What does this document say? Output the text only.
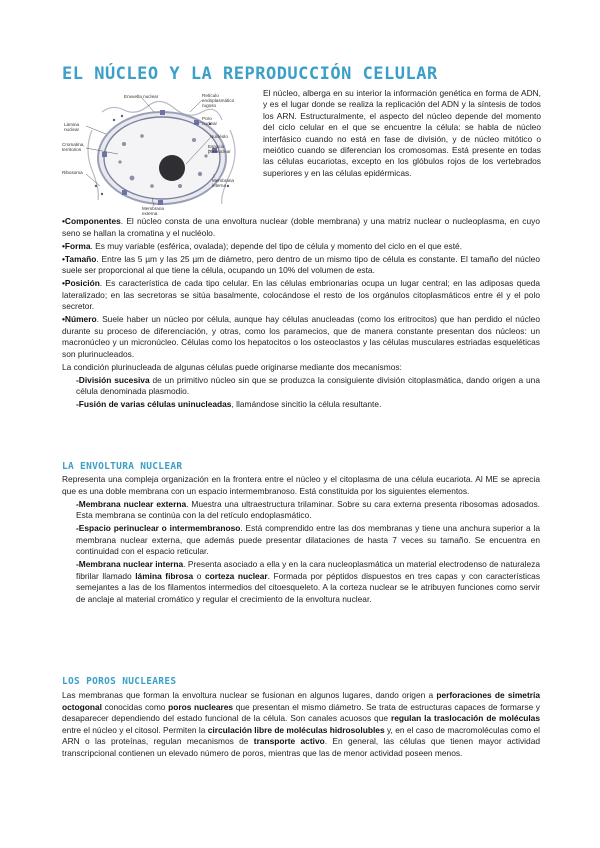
EL NÚCLEO Y LA REPRODUCCIÓN CELULAR
Envuelta nuclear	Retículo
endoplasmático
rugoso
Lámina
nuclear
Poro
nuclear
Nucléolo
Espacio
perinuclear
Cromatina,
territorios
Ribosoma
Membrana
interna
Membrana
externa
El núcleo, alberga en su interior la información genética en forma de ADN, y es el lugar donde se realiza la replicación del ADN y la síntesis de todos los ARN. Estructuralmente, el aspecto del núcleo depende del momento del ciclo celular en el que se encuentre la célula: se habla de núcleo interfásico cuando no está en fase de división, y de núcleo mitótico o meiótico cuando se diferencian los cromosomas. Está presente en todas las células eucariotas, excepto en los glóbulos rojos de los vertebrados superiores y en las células epidérmicas.

•Componentes. El núcleo consta de una envoltura nuclear (doble membrana) y una matriz nuclear o nucleoplasma, en cuyo seno se hallan la cromatina y el nucléolo.

•Forma. Es muy variable (esférica, ovalada); depende del tipo de célula y momento del ciclo en el que esté.

•Tamaño. Entre las 5 µm y las 25 µm de diámetro, pero dentro de un mismo tipo de célula es constante. El tamaño del núcleo suele ser proporcional al que tiene la célula, ocupando un 10% del volumen de esta.

•Posición. Es característica de cada tipo celular. En las células embrionarias ocupa un lugar central; en las adiposas queda lateralizado; en las secretoras se sitúa basalmente, colocándose el resto de los orgánulos citoplasmáticos entre él y el polo secretor.

•Número. Suele haber un núcleo por célula, aunque hay células anucleadas (como los eritrocitos) que han perdido el núcleo durante su proceso de diferenciación, y otras, como los paramecios, que de manera constante presentan dos núcleos: un macronúcleo y un micronúcleo. Células como los hepatocitos o los osteoclastos y las células musculares estriadas esqueléticas son plurinucleados.

La condición plurinucleada de algunas células puede originarse mediante dos mecanismos:

-División sucesiva de un primitivo núcleo sin que se produzca la consiguiente división citoplasmática, dando origen a una célula denominada plasmodio.

-Fusión de varias células uninucleadas, llamándose sincitio la célula resultante.

LA ENVOLTURA NUCLEAR

Representa una compleja organización en la frontera entre el núcleo y el citoplasma de una célula eucariota. Al ME se aprecia que es una doble membrana con un espacio intermembranoso. Está constituida por los siguientes elementos.

-Membrana nuclear externa. Muestra una ultraestructura trilaminar. Sobre su cara externa presenta ribosomas adosados. Esta membrana se continúa con la del retículo endoplasmático.

-Espacio perinuclear o intermembranoso. Está comprendido entre las dos membranas y tiene una anchura superior a la membrana nuclear externa, que además puede presentar dilataciones de hasta 7 veces su tamaño. Se encuentra en continuidad con el espacio reticular.

-Membrana nuclear interna. Presenta asociado a ella y en la cara nucleoplasmática un material electrodenso de naturaleza fibrilar llamado lámina fibrosa o corteza nuclear. Formada por péptidos dispuestos en tres capas y con características semejantes a las de los filamentos intermedios del citoesqueleto. A la corteza nuclear se le atribuyen funciones como servir de anclaje al material cromático y regular el crecimiento de la envoltura nuclear.

LOS POROS NUCLEARES

Las membranas que forman la envoltura nuclear se fusionan en algunos lugares, dando origen a perforaciones de simetría octogonal conocidas como poros nucleares que presentan el mismo diámetro. Se trata de estructuras capaces de formarse y desaparecer dependiendo del estado funcional de la célula. Son canales acuosos que regulan la traslocación de moléculas entre el núcleo y el citosol. Permiten la circulación libre de moléculas hidrosolubles y, en el caso de macromoléculas como el ARN o las proteínas, regulan mecanismos de transporte activo. En general, las células que tienen mayor actividad transcripcional contienen un elevado número de poros, mientras que las de menor actividad poseen menos.
